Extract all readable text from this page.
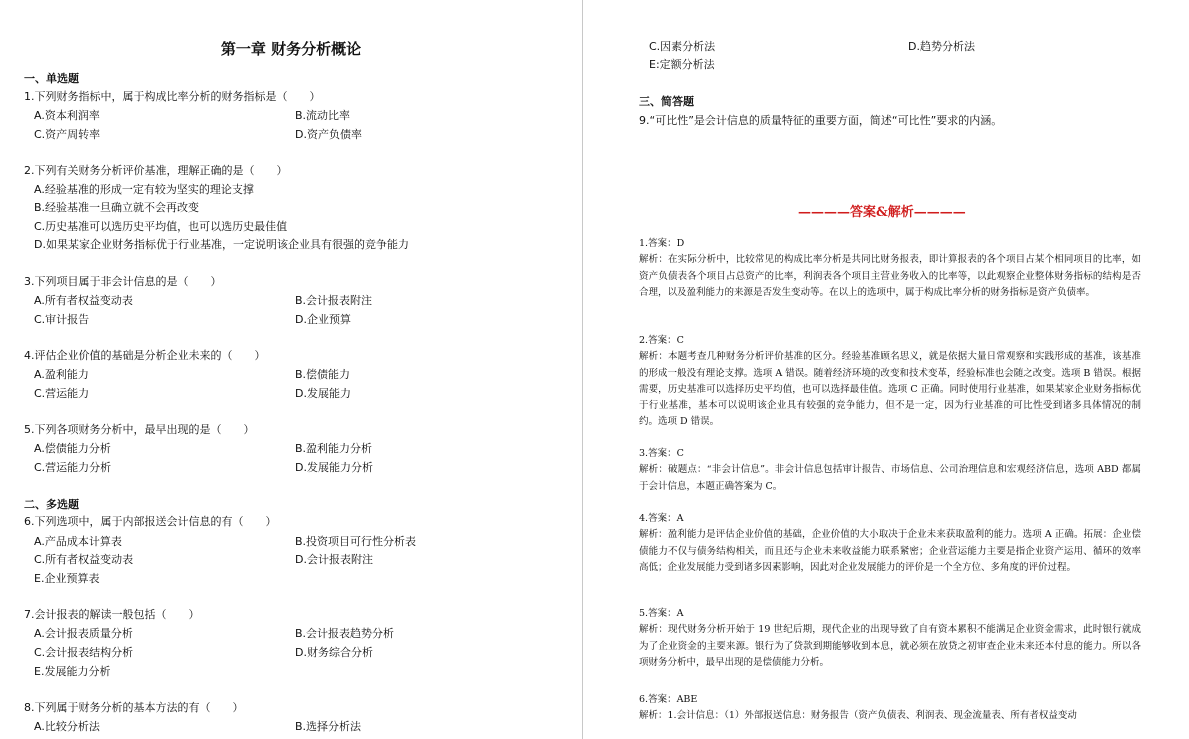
第一章 财务分析概论
一、单选题
1.下列财务指标中，属于构成比率分析的财务指标是（　　）
A.资本利润率	B.流动比率
C.资产周转率	D.资产负债率
2.下列有关财务分析评价基准，理解正确的是（　　）
A.经验基准的形成一定有较为坚实的理论支撑
B.经验基准一旦确立就不会再改变
C.历史基准可以选历史平均值，也可以选历史最佳值
D.如果某家企业财务指标优于行业基准，一定说明该企业具有很强的竞争能力
3.下列项目属于非会计信息的是（　　）
A.所有者权益变动表	B.会计报表附注
C.审计报告	D.企业预算
4.评估企业价值的基础是分析企业未来的（　　）
A.盈利能力	B.偿债能力
C.营运能力	D.发展能力
5.下列各项财务分析中，最早出现的是（　　）
A.偿债能力分析	B.盈利能力分析
C.营运能力分析	D.发展能力分析
二、多选题
6.下列选项中，属于内部报送会计信息的有（　　）
A.产品成本计算表	B.投资项目可行性分析表
C.所有者权益变动表	D.会计报表附注
E.企业预算表
7.会计报表的解读一般包括（　　）
A.会计报表质量分析	B.会计报表趋势分析
C.会计报表结构分析	D.财务综合分析
E.发展能力分析
8.下列属于财务分析的基本方法的有（　　）
A.比较分析法	B.选择分析法
C.因素分析法	D.趋势分析法
E:定额分析法
三、简答题
9.“可比性”是会计信息的质量特征的重要方面，简述“可比性”要求的内涵。
————答案&解析————
1.答案：D
解析：在实际分析中，比较常见的构成比率分析是共同比财务报表，即计算报表的各个项目占某个相同项目的比率，如资产负债表各个项目占总资产的比率，利润表各个项目主营业务收入的比率等，以此观察企业整体财务指标的结构是否合理，以及盈利能力的来源是否发生变动等。在以上的选项中，属于构成比率分析的财务指标是资产负债率。
2.答案：C
解析：本题考查几种财务分析评价基准的区分。经验基准顾名思义，就是依据大量日常观察和实践形成的基准，该基准的形成一般没有理论支撑。选项 A 错误。随着经济环境的改变和技术变革，经验标准也会随之改变。选项 B 错误。根据需要，历史基准可以选择历史平均值，也可以选择最佳值。选项 C 正确。同时使用行业基准，如果某家企业财务指标优于行业基准，基本可以说明该企业具有较强的竞争能力，但不是一定，因为行业基准的可比性受到诸多具体情况的制约。选项 D 错误。
3.答案：C
解析：破题点：“非会计信息”。非会计信息包括审计报告、市场信息、公司治理信息和宏观经济信息，选项 ABD 都属于会计信息，本题正确答案为 C。
4.答案：A
解析：盈利能力是评估企业价值的基础，企业价值的大小取决于企业未来获取盈利的能力。选项 A 正确。拓展：企业偿债能力不仅与债务结构相关，而且还与企业未来收益能力联系紧密；企业营运能力主要是指企业资产运用、循环的效率高低；企业发展能力受到诸多因素影响，因此对企业发展能力的评价是一个全方位、多角度的评价过程。
5.答案：A
解析：现代财务分析开始于 19 世纪后期，现代企业的出现导致了自有资本累积不能满足企业资金需求，此时银行就成为了企业资金的主要来源。银行为了贷款到期能够收到本息，就必须在放贷之初审查企业未来还本付息的能力。所以各项财务分析中，最早出现的是偿债能力分析。
6.答案：ABE
解析：1.会计信息：（1）外部报送信息：财务报告（资产负债表、利润表、现金流量表、所有者权益变动
